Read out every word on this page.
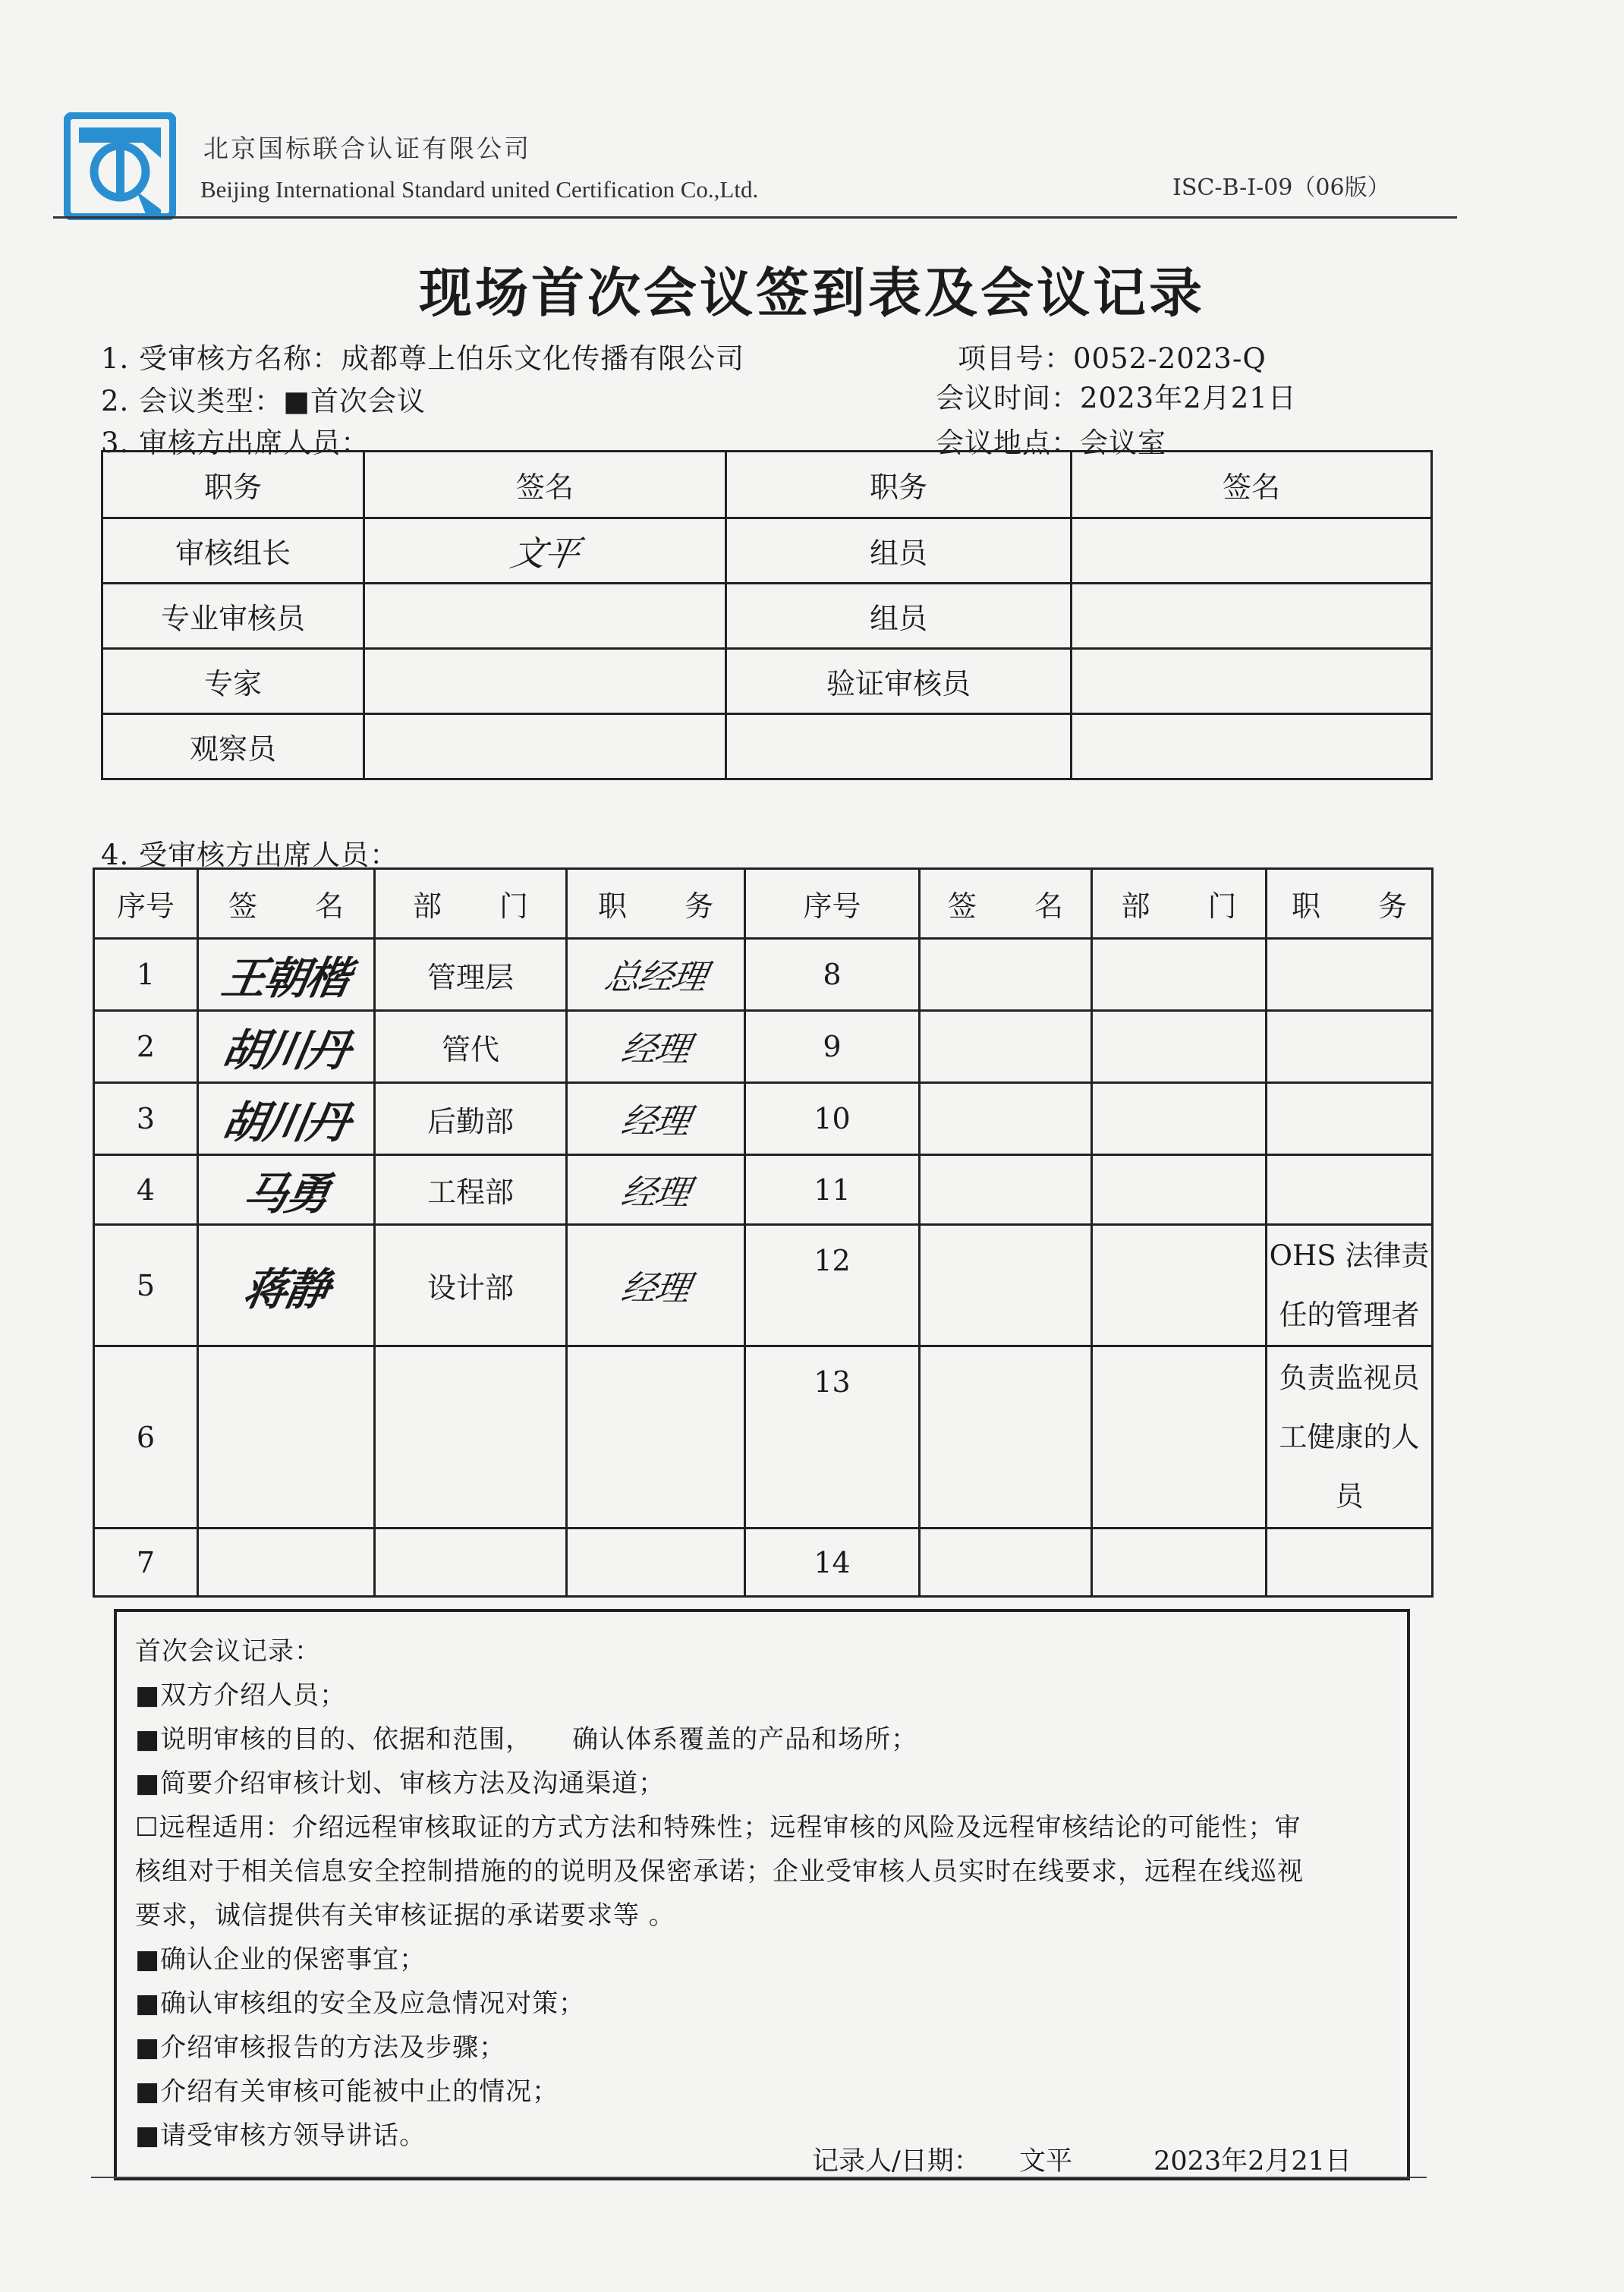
北京国标联合认证有限公司
Beijing International Standard united Certification Co.,Ltd.	ISC-B-I-09（06版）
现场首次会议签到表及会议记录
1. 受审核方名称：成都尊上伯乐文化传播有限公司	项目号：0052-2023-Q
2. 会议类型：■首次会议	会议时间：2023年2月21日
3. 审核方出席人员：	会议地点：会议室
职务	签名	职务	签名
审核组长	文平	组员	
专业审核员		组员	
专家		验证审核员	
观察员			
4. 受审核方出席人员：
序号	签　　名	部　　门	职　　务	序号	签　　名	部　　门	职　　务
1	王朝楷	管理层	总经理	8			
2	胡川丹	管代	经理	9			
3	胡川丹	后勤部	经理	10			
4	马勇	工程部	经理	11			
5	蒋静	设计部	经理	12			OHS 法律责任的管理者
6				13			负责监视员工健康的人员
7				14			
首次会议记录：
■双方介绍人员；
■说明审核的目的、依据和范围，　　确认体系覆盖的产品和场所；
■简要介绍审核计划、审核方法及沟通渠道；
☐远程适用：介绍远程审核取证的方式方法和特殊性；远程审核的风险及远程审核结论的可能性；审
核组对于相关信息安全控制措施的的说明及保密承诺；企业受审核人员实时在线要求，远程在线巡视
要求，诚信提供有关审核证据的承诺要求等 。
■确认企业的保密事宜；
■确认审核组的安全及应急情况对策；
■介绍审核报告的方法及步骤；
■介绍有关审核可能被中止的情况；
■请受审核方领导讲话。
记录人/日期： 文平	2023年2月21日
